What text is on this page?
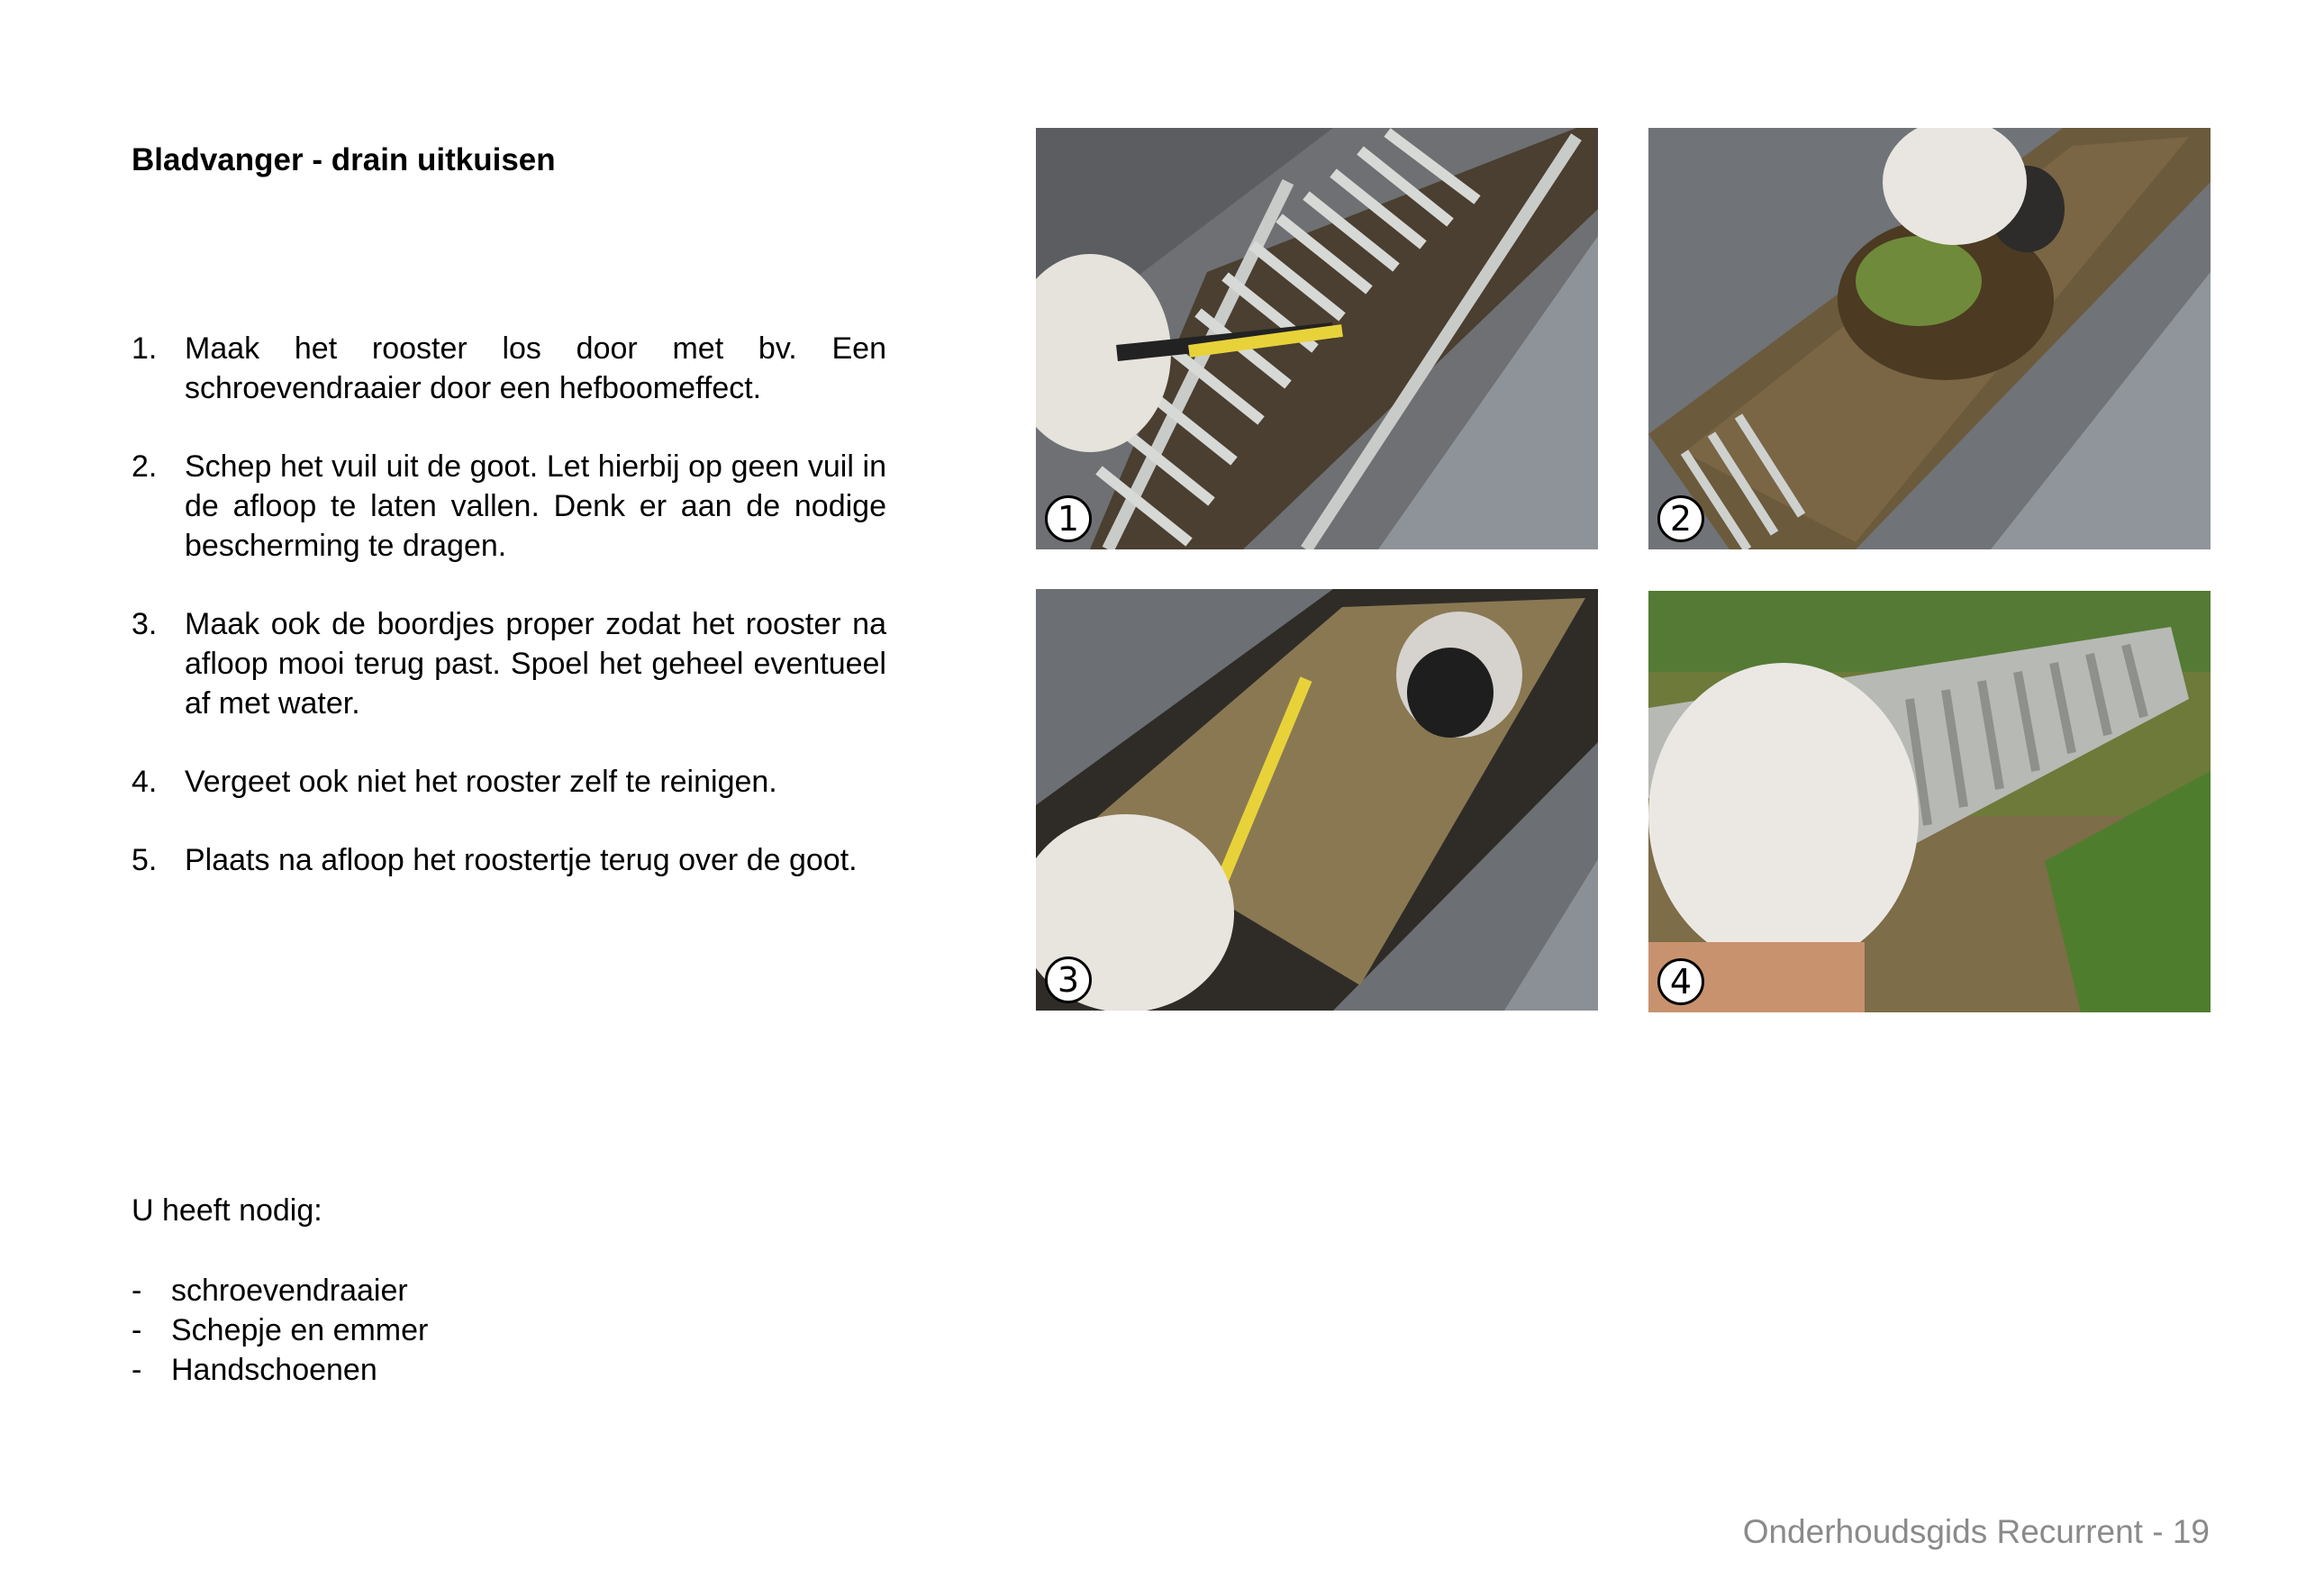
Bladvanger - drain uitkuisen
1. Maak het rooster los door met bv. Een schroevendraaier door een hefboomeffect.
2. Schep het vuil uit de goot. Let hierbij op geen vuil in de afloop te laten vallen. Denk er aan de nodige bescherming te dragen.
3. Maak ook de boordjes proper zodat het rooster na afloop mooi terug past. Spoel het geheel eventueel af met water.
4. Vergeet ook niet het rooster zelf te reinigen.
5. Plaats na afloop het roostertje terug over de goot.

U heeft nodig:

- schroevendraaier
- Schepje en emmer
- Handschoenen
1	2
3	4
Onderhoudsgids Recurrent - 19
